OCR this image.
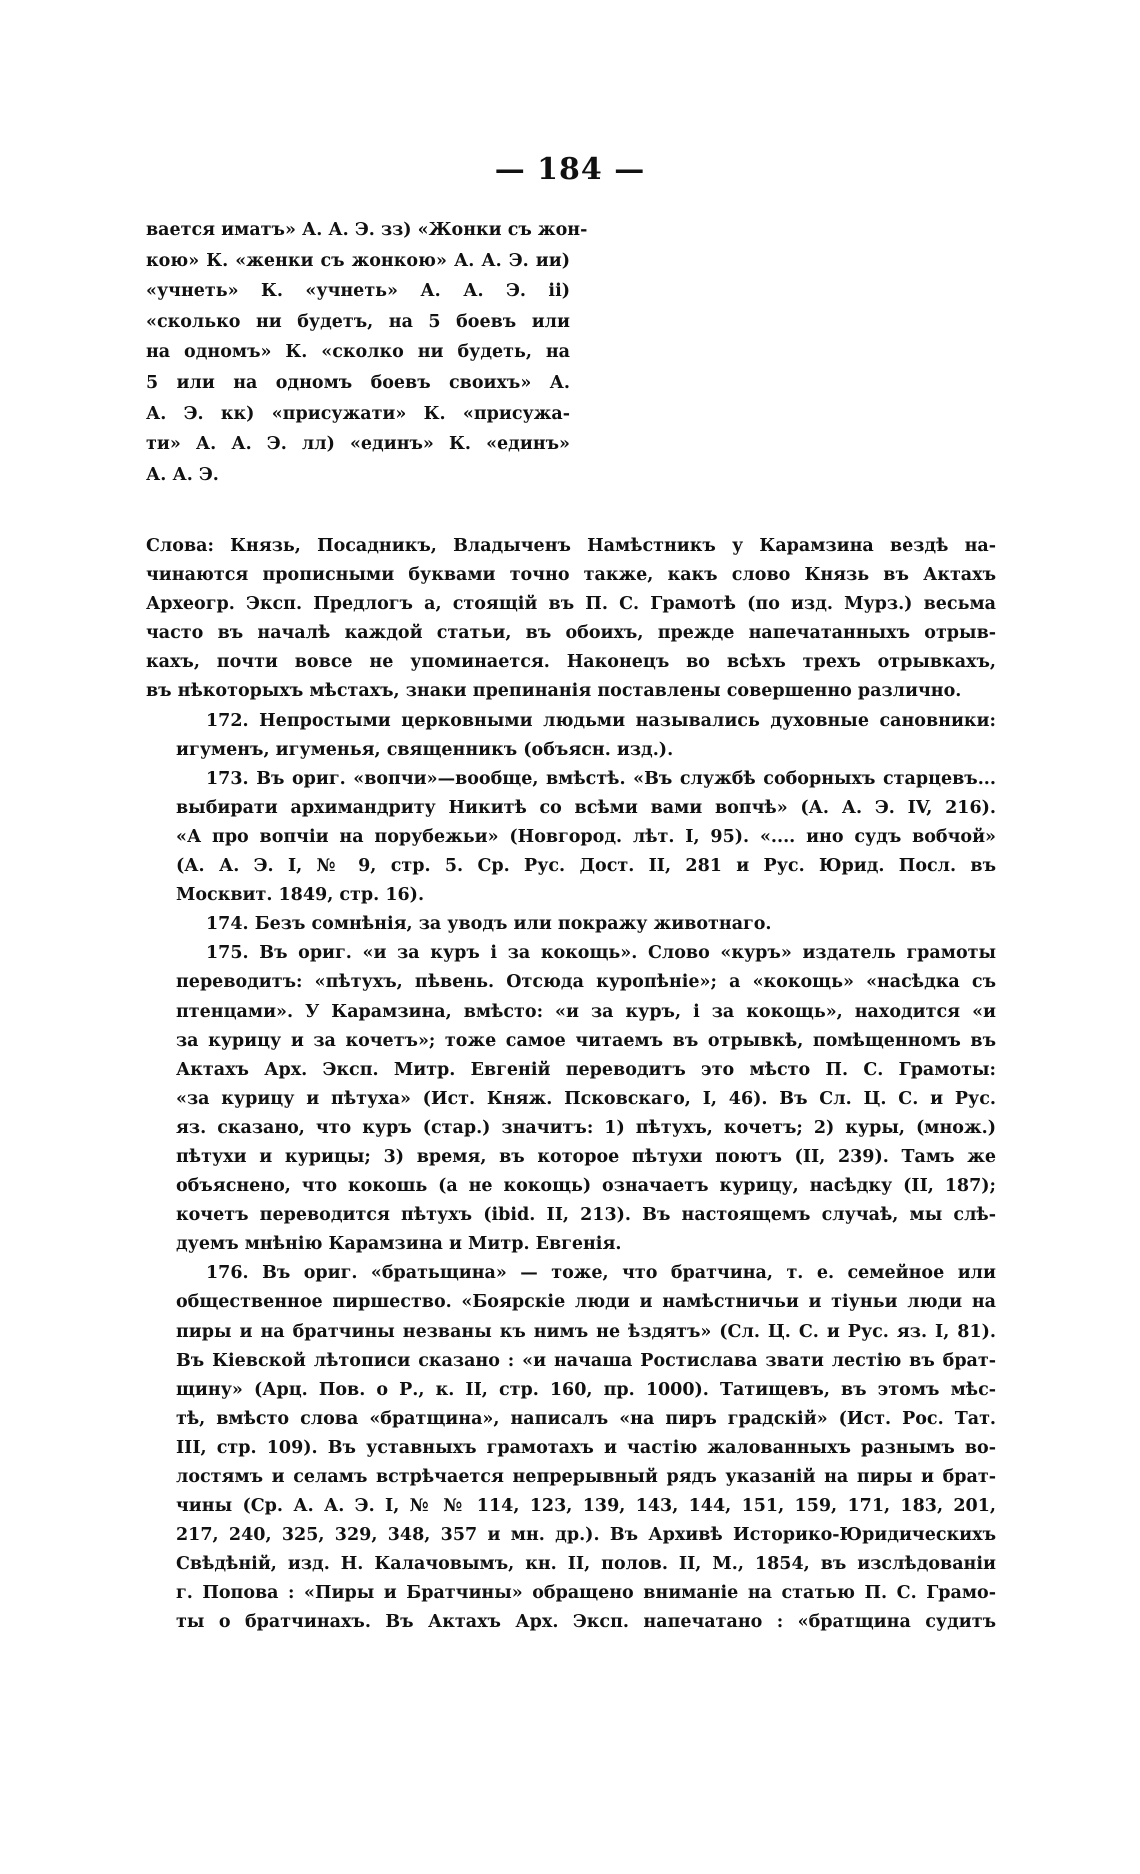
— 184 —
вается иматъ» А. А. Э. зз) «Жонки съ жон-
кою» К. «женки съ жонкою» А. А. Э. ии)
«учнеть» К. «учнеть» А. А. Э. іі)
«сколько ни будетъ, на 5 боевъ или
на одномъ» К. «сколко ни будеть, на
5 или на одномъ боевъ своихъ» А.
А. Э. кк) «присужати» К. «присужа-
ти» А. А. Э. лл) «единъ» К. «единъ»
А. А. Э.
Слова: Князь, Посадникъ, Владыченъ Намѣстникъ у Карамзина вездѣ на-
чинаются прописными буквами точно также, какъ слово Князь въ Актахъ
Археогр. Эксп. Предлогъ а, стоящій въ П. С. Грамотѣ (по изд. Мурз.) весьма
часто въ началѣ каждой статьи, въ обоихъ, прежде напечатанныхъ отрыв-
кахъ, почти вовсе не упоминается. Наконецъ во всѣхъ трехъ отрывкахъ,
въ нѣкоторыхъ мѣстахъ, знаки препинанія поставлены совершенно различно.
172. Непростыми церковными людьми назывались духовные сановники:
игуменъ, игуменья, священникъ (объясн. изд.).
173. Въ ориг. «вопчи»—вообще, вмѣстѣ. «Въ службѣ соборныхъ старцевъ...
выбирати архимандриту Никитѣ со всѣми вами вопчѣ» (А. А. Э. IV, 216).
«А про вопчіи на порубежьи» (Новгород. лѣт. I, 95). «.... ино судъ вобчой»
(А. А. Э. I, № 9, стр. 5. Ср. Рус. Дост. II, 281 и Рус. Юрид. Посл. въ
Москвит. 1849, стр. 16).
174. Безъ сомнѣнія, за уводъ или покражу животнаго.
175. Въ ориг. «и за куръ і за кокощь». Слово «куръ» издатель грамоты
переводитъ: «пѣтухъ, пѣвень. Отсюда куропѣніе»; а «кокощь» «насѣдка съ
птенцами». У Карамзина, вмѣсто: «и за куръ, і за кокощь», находится «и
за курицу и за кочетъ»; тоже самое читаемъ въ отрывкѣ, помѣщенномъ въ
Актахъ Арх. Эксп. Митр. Евгеній переводитъ это мѣсто П. С. Грамоты:
«за курицу и пѣтуха» (Ист. Княж. Псковскаго, I, 46). Въ Сл. Ц. С. и Рус.
яз. сказано, что куръ (стар.) значитъ: 1) пѣтухъ, кочетъ; 2) куры, (множ.)
пѣтухи и курицы; 3) время, въ которое пѣтухи поютъ (II, 239). Тамъ же
объяснено, что кокошь (а не кокощь) означаетъ курицу, насѣдку (II, 187);
кочетъ переводится пѣтухъ (ibid. II, 213). Въ настоящемъ случаѣ, мы слѣ-
дуемъ мнѣнію Карамзина и Митр. Евгенія.
176. Въ ориг. «братьщина» — тоже, что братчина, т. е. семейное или
общественное пиршество. «Боярскіе люди и намѣстничьи и тіуньи люди на
пиры и на братчины незваны къ нимъ не ѣздятъ» (Сл. Ц. С. и Рус. яз. I, 81).
Въ Кіевской лѣтописи сказано : «и начаша Ростислава звати лестію въ брат-
щину» (Арц. Пов. о Р., к. II, стр. 160, пр. 1000). Татищевъ, въ этомъ мѣс-
тѣ, вмѣсто слова «братщина», написалъ «на пиръ градскій» (Ист. Рос. Тат.
III, стр. 109). Въ уставныхъ грамотахъ и частію жалованныхъ разнымъ во-
лостямъ и селамъ встрѣчается непрерывный рядъ указаній на пиры и брат-
чины (Ср. А. А. Э. I, № № 114, 123, 139, 143, 144, 151, 159, 171, 183, 201,
217, 240, 325, 329, 348, 357 и мн. др.). Въ Архивѣ Историко-Юридическихъ
Свѣдѣній, изд. Н. Калачовымъ, кн. II, полов. II, М., 1854, въ изслѣдованіи
г. Попова : «Пиры и Братчины» обращено вниманіе на статью П. С. Грамо-
ты о братчинахъ. Въ Актахъ Арх. Эксп. напечатано : «братщина судитъ
